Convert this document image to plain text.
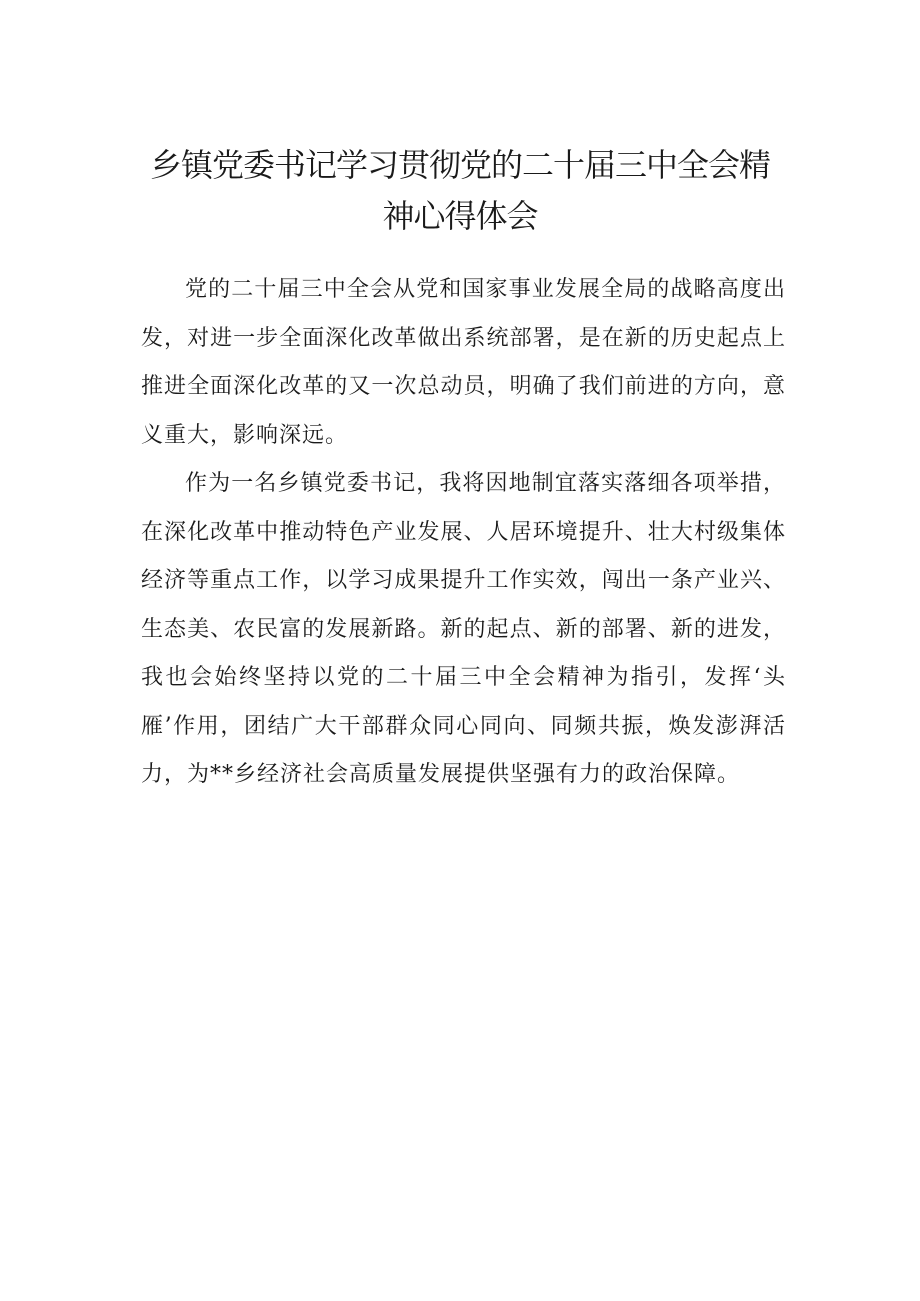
乡镇党委书记学习贯彻党的二十届三中全会精
神心得体会

党的二十届三中全会从党和国家事业发展全局的战略高度出发，对进一步全面深化改革做出系统部署，是在新的历史起点上推进全面深化改革的又一次总动员，明确了我们前进的方向，意义重大，影响深远。

作为一名乡镇党委书记，我将因地制宜落实落细各项举措，在深化改革中推动特色产业发展、人居环境提升、壮大村级集体经济等重点工作，以学习成果提升工作实效，闯出一条产业兴、生态美、农民富的发展新路。新的起点、新的部署、新的进发，我也会始终坚持以党的二十届三中全会精神为指引，发挥‘头雁’作用，团结广大干部群众同心同向、同频共振，焕发澎湃活力，为**乡经济社会高质量发展提供坚强有力的政治保障。
